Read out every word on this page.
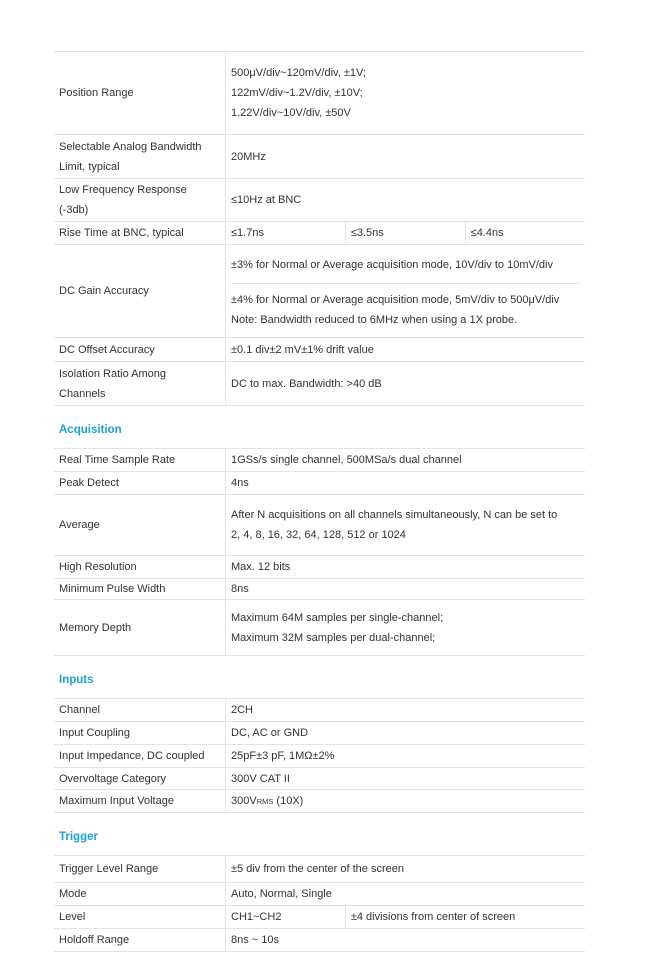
Position Range	500μV/div~120mV/div, ±1V;
122mV/div~1.2V/div, ±10V;
1.22V/div~10V/div, ±50V		

Selectable Analog Bandwidth
Limit, typical	20MHz		

Low Frequency Response
(-3db)	≤10Hz at BNC		
Rise Time at BNC, typical	≤1.7ns	≤3.5ns	≤4.4ns
DC Gain Accuracy	±3% for Normal or Average acquisition mode, 10V/div to 10mV/div
±4% for Normal or Average acquisition mode, 5mV/div to 500μV/div
Note: Bandwidth reduced to 6MHz when using a 1X probe.		

DC Offset Accuracy	±0.1 div±2 mV±1% drift value		

Isolation Ratio Among
Channels	DC to max. Bandwidth: >40 dB		
Acquisition			
Real Time Sample Rate	1GSs/s single channel, 500MSa/s dual channel		
Peak Detect	4ns		
Average	After N acquisitions on all channels simultaneously, N can be set to
2, 4, 8, 16, 32, 64, 128, 512 or 1024		

High Resolution	Max. 12 bits		
Minimum Pulse Width	8ns		
Memory Depth	Maximum 64M samples per single-channel;
Maximum 32M samples per dual-channel;		

Inputs			
Channel	2CH		
Input Coupling	DC, AC or GND		
Input Impedance, DC coupled	25pF±3 pF, 1MΩ±2%		
Overvoltage Category	300V CAT II		
Maximum Input Voltage	300VRMS (10X)		
Trigger			
Trigger Level Range	±5 div from the center of the screen		
Mode	Auto, Normal, Single		
Level	CH1~CH2	±4 divisions from center of screen	
Holdoff Range	8ns ~ 10s		
